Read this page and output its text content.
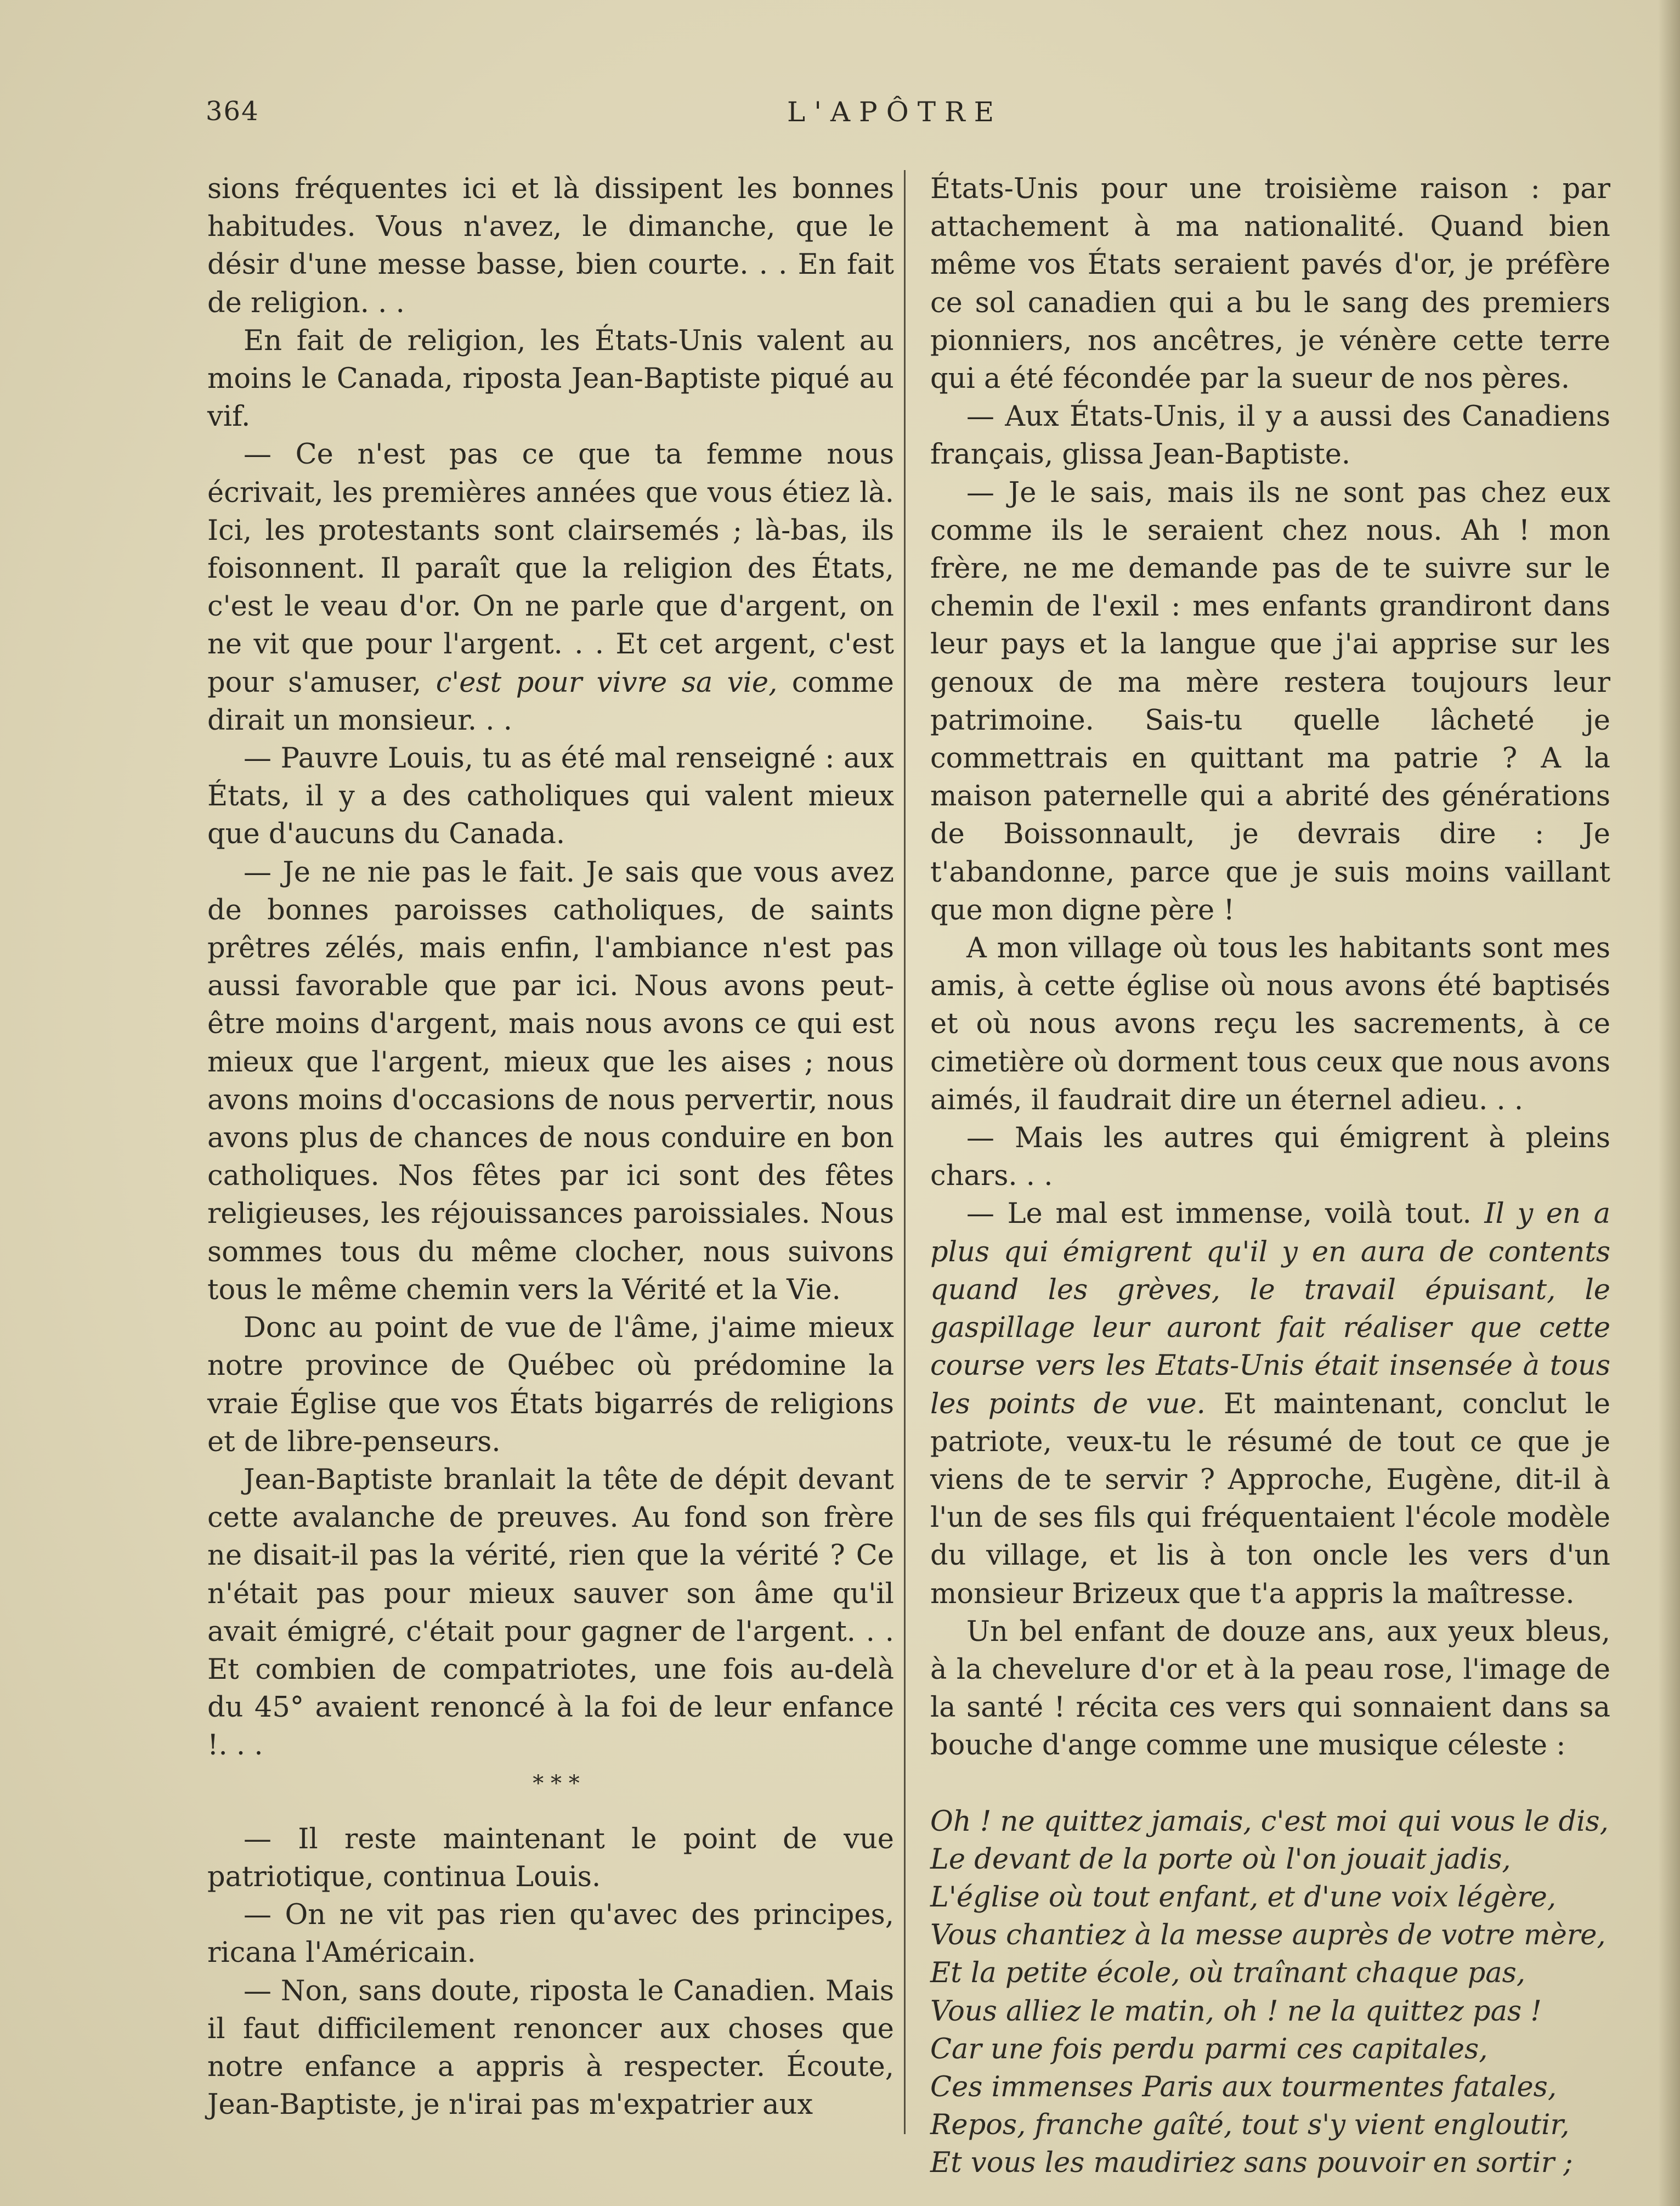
364	L'APÔTRE

sions fréquentes ici et là dissipent les bonnes habitudes. Vous n'avez, le dimanche, que le désir d'une messe basse, bien courte. . . En fait de religion. . .

En fait de religion, les États-Unis valent au moins le Canada, riposta Jean-Baptiste piqué au vif.

— Ce n'est pas ce que ta femme nous écrivait, les premières années que vous étiez là. Ici, les protestants sont clairsemés ; là-bas, ils foisonnent. Il paraît que la religion des États, c'est le veau d'or. On ne parle que d'argent, on ne vit que pour l'argent. . . Et cet argent, c'est pour s'amuser, c'est pour vivre sa vie, comme dirait un monsieur. . .

— Pauvre Louis, tu as été mal renseigné : aux États, il y a des catholiques qui valent mieux que d'aucuns du Canada.

— Je ne nie pas le fait. Je sais que vous avez de bonnes paroisses catholiques, de saints prêtres zélés, mais enfin, l'ambiance n'est pas aussi favorable que par ici. Nous avons peut-être moins d'argent, mais nous avons ce qui est mieux que l'argent, mieux que les aises ; nous avons moins d'occasions de nous pervertir, nous avons plus de chances de nous conduire en bon catholiques. Nos fêtes par ici sont des fêtes religieuses, les réjouissances paroissiales. Nous sommes tous du même clocher, nous suivons tous le même chemin vers la Vérité et la Vie.

Donc au point de vue de l'âme, j'aime mieux notre province de Québec où prédomine la vraie Église que vos États bigarrés de religions et de libre-penseurs.

Jean-Baptiste branlait la tête de dépit devant cette avalanche de preuves. Au fond son frère ne disait-il pas la vérité, rien que la vérité ? Ce n'était pas pour mieux sauver son âme qu'il avait émigré, c'était pour gagner de l'argent. . . Et combien de compatriotes, une fois au-delà du 45° avaient renoncé à la foi de leur enfance !. . .

* * *

— Il reste maintenant le point de vue patriotique, continua Louis.

— On ne vit pas rien qu'avec des principes, ricana l'Américain.

— Non, sans doute, riposta le Canadien. Mais il faut difficilement renoncer aux choses que notre enfance a appris à respecter. Écoute, Jean-Baptiste, je n'irai pas m'expatrier aux

États-Unis pour une troisième raison : par attachement à ma nationalité. Quand bien même vos États seraient pavés d'or, je préfère ce sol canadien qui a bu le sang des premiers pionniers, nos ancêtres, je vénère cette terre qui a été fécondée par la sueur de nos pères.

— Aux États-Unis, il y a aussi des Canadiens français, glissa Jean-Baptiste.

— Je le sais, mais ils ne sont pas chez eux comme ils le seraient chez nous. Ah ! mon frère, ne me demande pas de te suivre sur le chemin de l'exil : mes enfants grandiront dans leur pays et la langue que j'ai apprise sur les genoux de ma mère restera toujours leur patrimoine. Sais-tu quelle lâcheté je commettrais en quittant ma patrie ? A la maison paternelle qui a abrité des générations de Boissonnault, je devrais dire : Je t'abandonne, parce que je suis moins vaillant que mon digne père !

A mon village où tous les habitants sont mes amis, à cette église où nous avons été baptisés et où nous avons reçu les sacrements, à ce cimetière où dorment tous ceux que nous avons aimés, il faudrait dire un éternel adieu. . .

— Mais les autres qui émigrent à pleins chars. . .

— Le mal est immense, voilà tout. Il y en a plus qui émigrent qu'il y en aura de contents quand les grèves, le travail épuisant, le gaspillage leur auront fait réaliser que cette course vers les Etats-Unis était insensée à tous les points de vue. Et maintenant, conclut le patriote, veux-tu le résumé de tout ce que je viens de te servir ? Approche, Eugène, dit-il à l'un de ses fils qui fréquentaient l'école modèle du village, et lis à ton oncle les vers d'un monsieur Brizeux que t'a appris la maîtresse.

Un bel enfant de douze ans, aux yeux bleus, à la chevelure d'or et à la peau rose, l'image de la santé ! récita ces vers qui sonnaient dans sa bouche d'ange comme une musique céleste :

Oh ! ne quittez jamais, c'est moi qui vous le dis,
Le devant de la porte où l'on jouait jadis,
L'église où tout enfant, et d'une voix légère,
Vous chantiez à la messe auprès de votre mère,
Et la petite école, où traînant chaque pas,
Vous alliez le matin, oh ! ne la quittez pas !
Car une fois perdu parmi ces capitales,
Ces immenses Paris aux tourmentes fatales,
Repos, franche gaîté, tout s'y vient engloutir,
Et vous les maudiriez sans pouvoir en sortir ;
